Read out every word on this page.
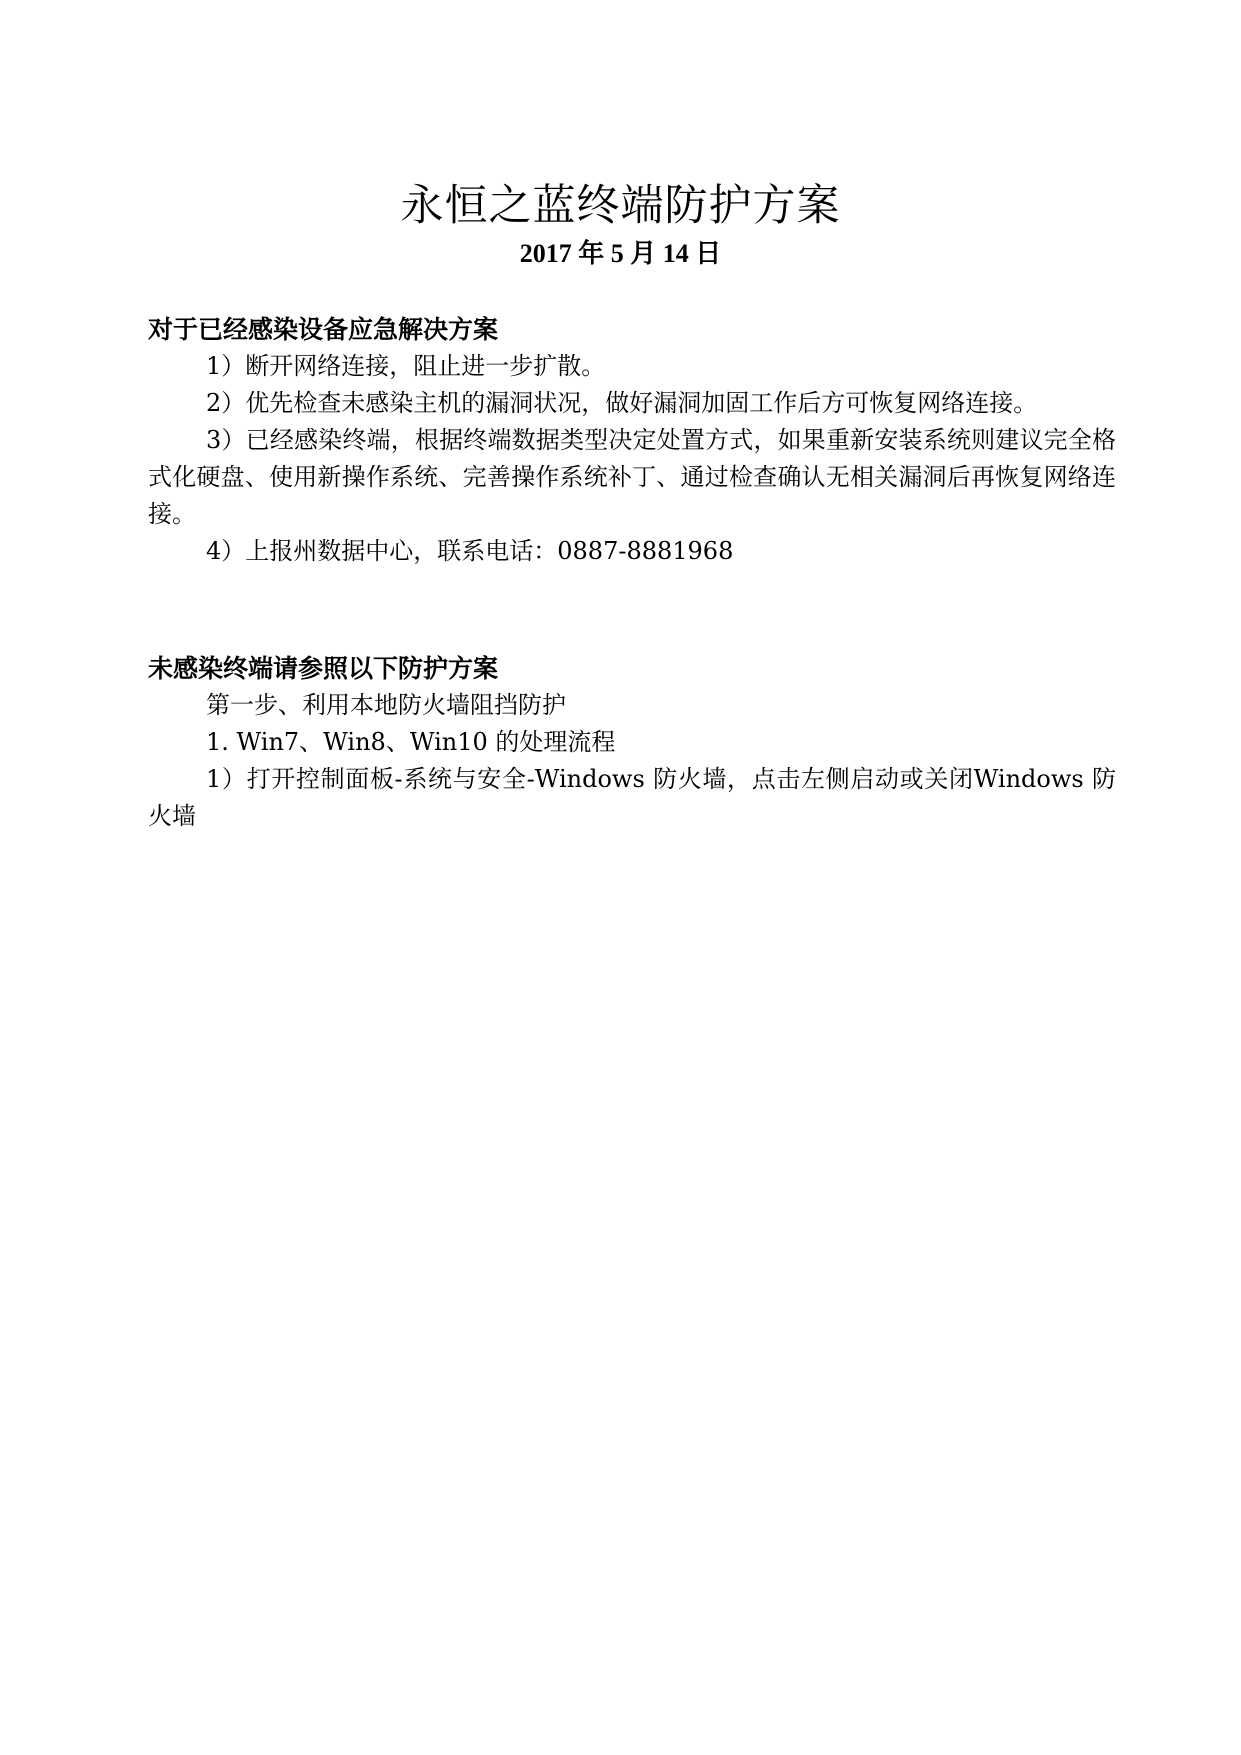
永恒之蓝终端防护方案
2017 年 5 月 14 日

对于已经感染设备应急解决方案

1）断开网络连接，阻止进一步扩散。

2）优先检查未感染主机的漏洞状况，做好漏洞加固工作后方可恢复网络连接。

3）已经感染终端，根据终端数据类型决定处置方式，如果重新安装系统则建议完全格式化硬盘、使用新操作系统、完善操作系统补丁、通过检查确认无相关漏洞后再恢复网络连接。

4）上报州数据中心，联系电话：0887-8881968

未感染终端请参照以下防护方案

第一步、利用本地防火墙阻挡防护

1. Win7、Win8、Win10 的处理流程

1）打开控制面板-系统与安全-Windows 防火墙，点击左侧启动或关闭Windows 防火墙
